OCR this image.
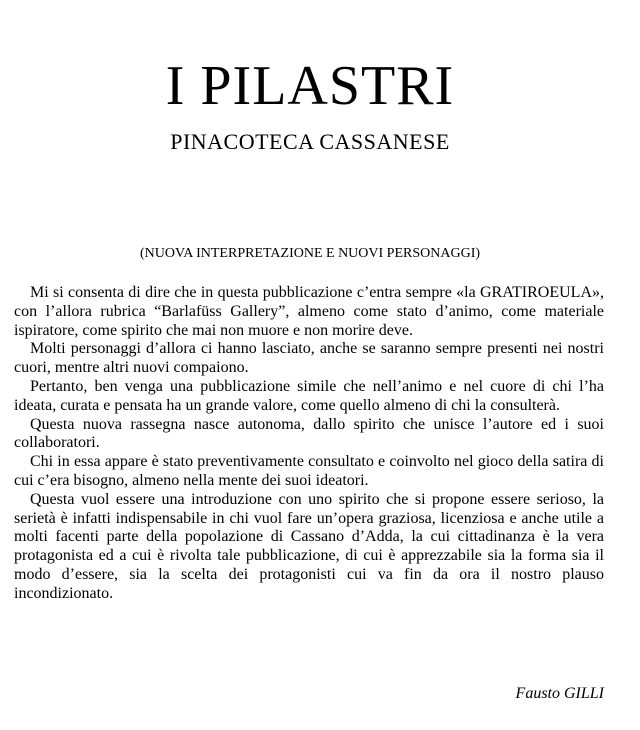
I PILASTRI
PINACOTECA CASSANESE
(NUOVA INTERPRETAZIONE E NUOVI PERSONAGGI)

Mi si consenta di dire che in questa pubblicazione c’entra sempre «la GRATIROEULA», con l’allora rubrica “Barlafüss Gallery”, almeno come stato d’animo, come materiale ispiratore, come spirito che mai non muore e non morire deve.

Molti personaggi d’allora ci hanno lasciato, anche se saranno sempre presenti nei nostri cuori, mentre altri nuovi compaiono.

Pertanto, ben venga una pubblicazione simile che nell’animo e nel cuore di chi l’ha ideata, curata e pensata ha un grande valore, come quello almeno di chi la consulterà.

Questa nuova rassegna nasce autonoma, dallo spirito che unisce l’autore ed i suoi collaboratori.

Chi in essa appare è stato preventivamente consultato e coinvolto nel gioco della satira di cui c’era bisogno, almeno nella mente dei suoi ideatori.

Questa vuol essere una introduzione con uno spirito che si propone essere serioso, la serietà è infatti indispensabile in chi vuol fare un’opera graziosa, licenziosa e anche utile a molti facenti parte della popolazione di Cassano d’Adda, la cui cittadinanza è la vera protagonista ed a cui è rivolta tale pubblicazione, di cui è apprezzabile sia la forma sia il modo d’essere, sia la scelta dei protagonisti cui va fin da ora il nostro plauso incondizionato.

Fausto GILLI
